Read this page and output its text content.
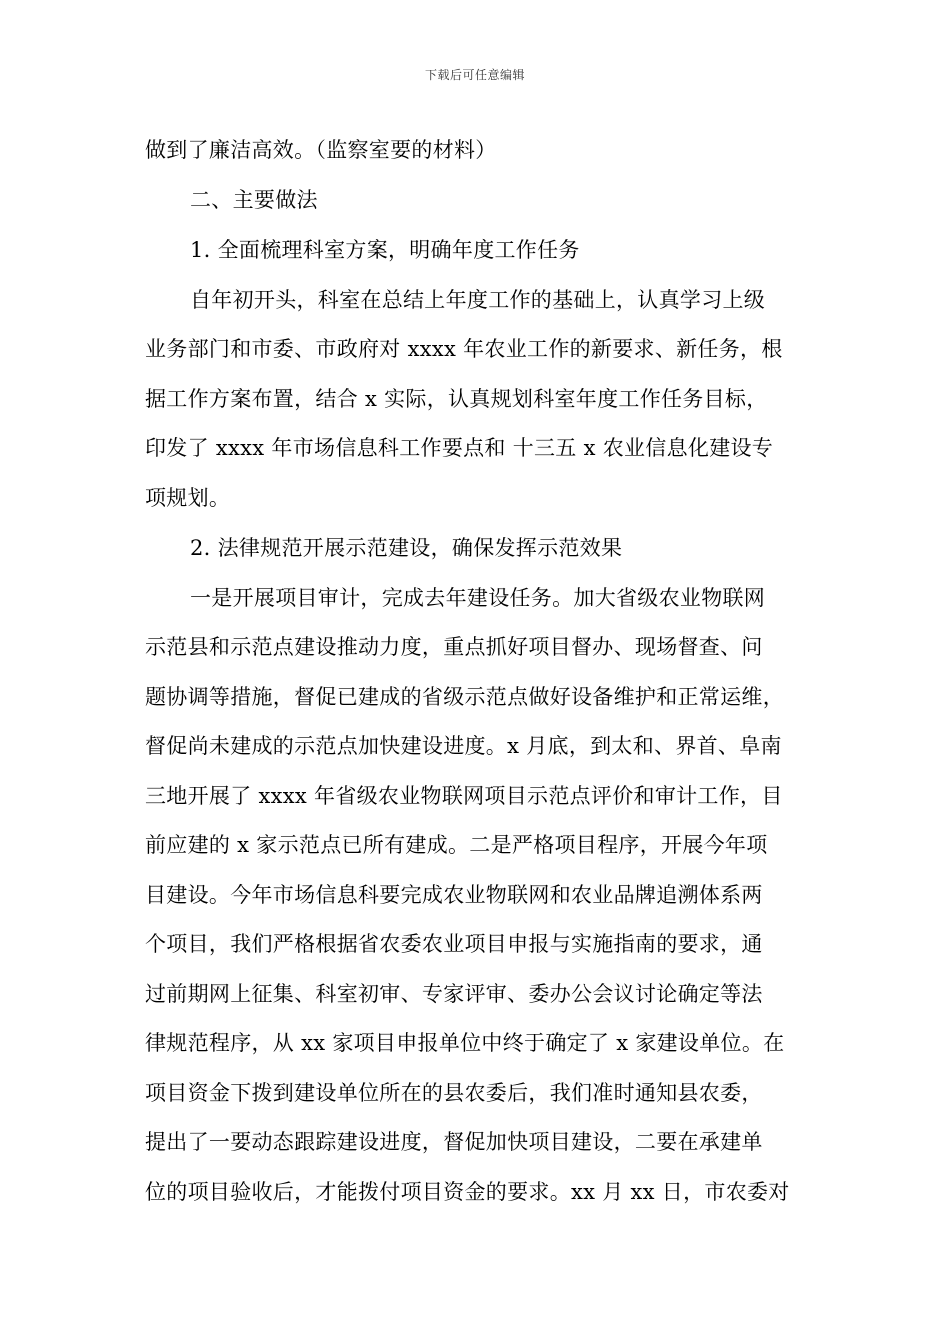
下载后可任意编辑
做到了廉洁高效。（监察室要的材料）
二、主要做法
1. 全面梳理科室方案，明确年度工作任务
自年初开头，科室在总结上年度工作的基础上，认真学习上级
业务部门和市委、市政府对 xxxx 年农业工作的新要求、新任务，根
据工作方案布置，结合 x 实际，认真规划科室年度工作任务目标，
印发了 xxxx 年市场信息科工作要点和 十三五 x 农业信息化建设专
项规划。
2. 法律规范开展示范建设，确保发挥示范效果
一是开展项目审计，完成去年建设任务。加大省级农业物联网
示范县和示范点建设推动力度，重点抓好项目督办、现场督查、问
题协调等措施，督促已建成的省级示范点做好设备维护和正常运维，
督促尚未建成的示范点加快建设进度。x 月底，到太和、界首、阜南
三地开展了 xxxx 年省级农业物联网项目示范点评价和审计工作，目
前应建的 x 家示范点已所有建成。二是严格项目程序，开展今年项
目建设。今年市场信息科要完成农业物联网和农业品牌追溯体系两
个项目，我们严格根据省农委农业项目申报与实施指南的要求，通
过前期网上征集、科室初审、专家评审、委办公会议讨论确定等法
律规范程序，从 xx 家项目申报单位中终于确定了 x 家建设单位。在
项目资金下拨到建设单位所在的县农委后，我们准时通知县农委，
提出了一要动态跟踪建设进度，督促加快项目建设，二要在承建单
位的项目验收后，才能拨付项目资金的要求。xx 月 xx 日，市农委对
